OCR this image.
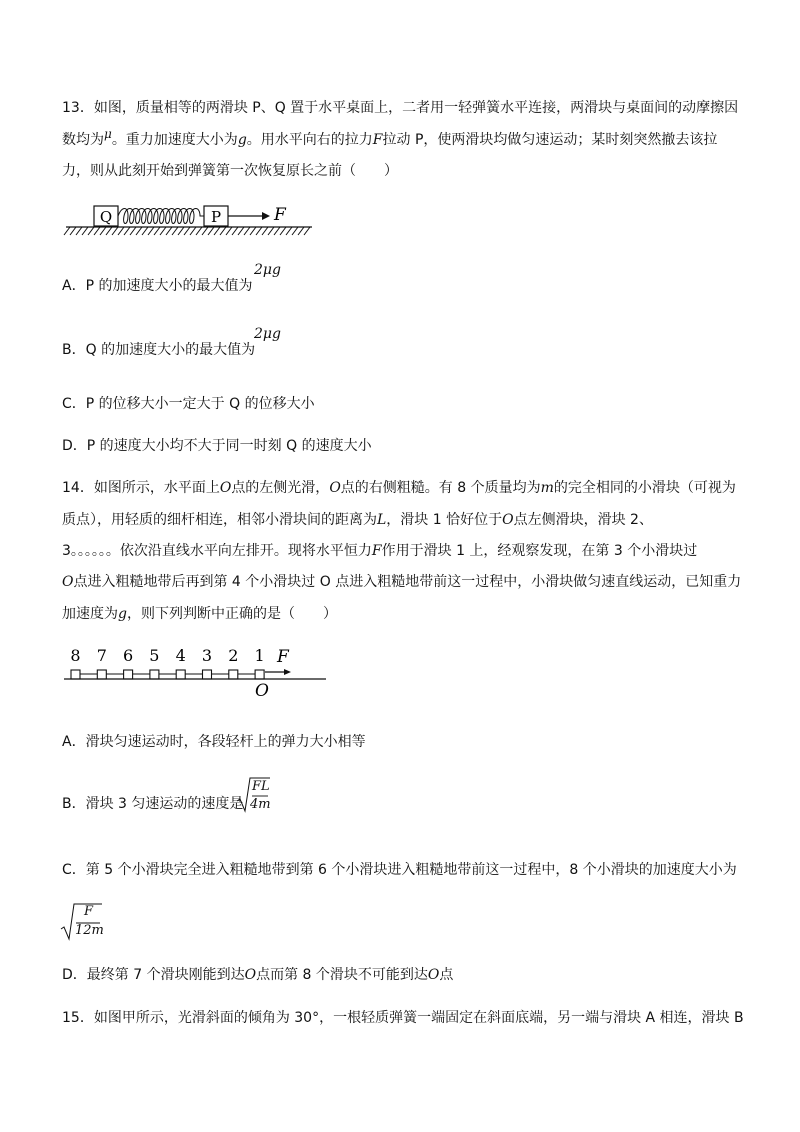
13．如图，质量相等的两滑块 P、Q 置于水平桌面上，二者用一轻弹簧水平连接，两滑块与桌面间的动摩擦因
数均为μ。重力加速度大小为g。用水平向右的拉力F拉动 P，使两滑块均做匀速运动；某时刻突然撤去该拉
力，则从此刻开始到弹簧第一次恢复原长之前（　　）
Q	P	F
A．P 的加速度大小的最大值为
2μg
B．Q 的加速度大小的最大值为
2μg
C．P 的位移大小一定大于 Q 的位移大小
D．P 的速度大小均不大于同一时刻 Q 的速度大小
14．如图所示，水平面上O点的左侧光滑，O点的右侧粗糙。有 8 个质量均为m的完全相同的小滑块（可视为
质点），用轻质的细杆相连，相邻小滑块间的距离为L，滑块 1 恰好位于O点左侧滑块，滑块 2、
3。。。。。。依次沿直线水平向左排开。现将水平恒力F作用于滑块 1 上，经观察发现，在第 3 个小滑块过
O点进入粗糙地带后再到第 4 个小滑块过 O 点进入粗糙地带前这一过程中，小滑块做匀速直线运动，已知重力
加速度为g，则下列判断中正确的是（　　）
8 7 6 5 4 3 2 1 F
O
A．滑块匀速运动时，各段轻杆上的弹力大小相等
B．滑块 3 匀速运动的速度是
FL
4m
C．第 5 个小滑块完全进入粗糙地带到第 6 个小滑块进入粗糙地带前这一过程中，8 个小滑块的加速度大小为
F
12m
D．最终第 7 个滑块刚能到达O点而第 8 个滑块不可能到达O点
15．如图甲所示，光滑斜面的倾角为 30°，一根轻质弹簧一端固定在斜面底端，另一端与滑块 A 相连，滑块 B
